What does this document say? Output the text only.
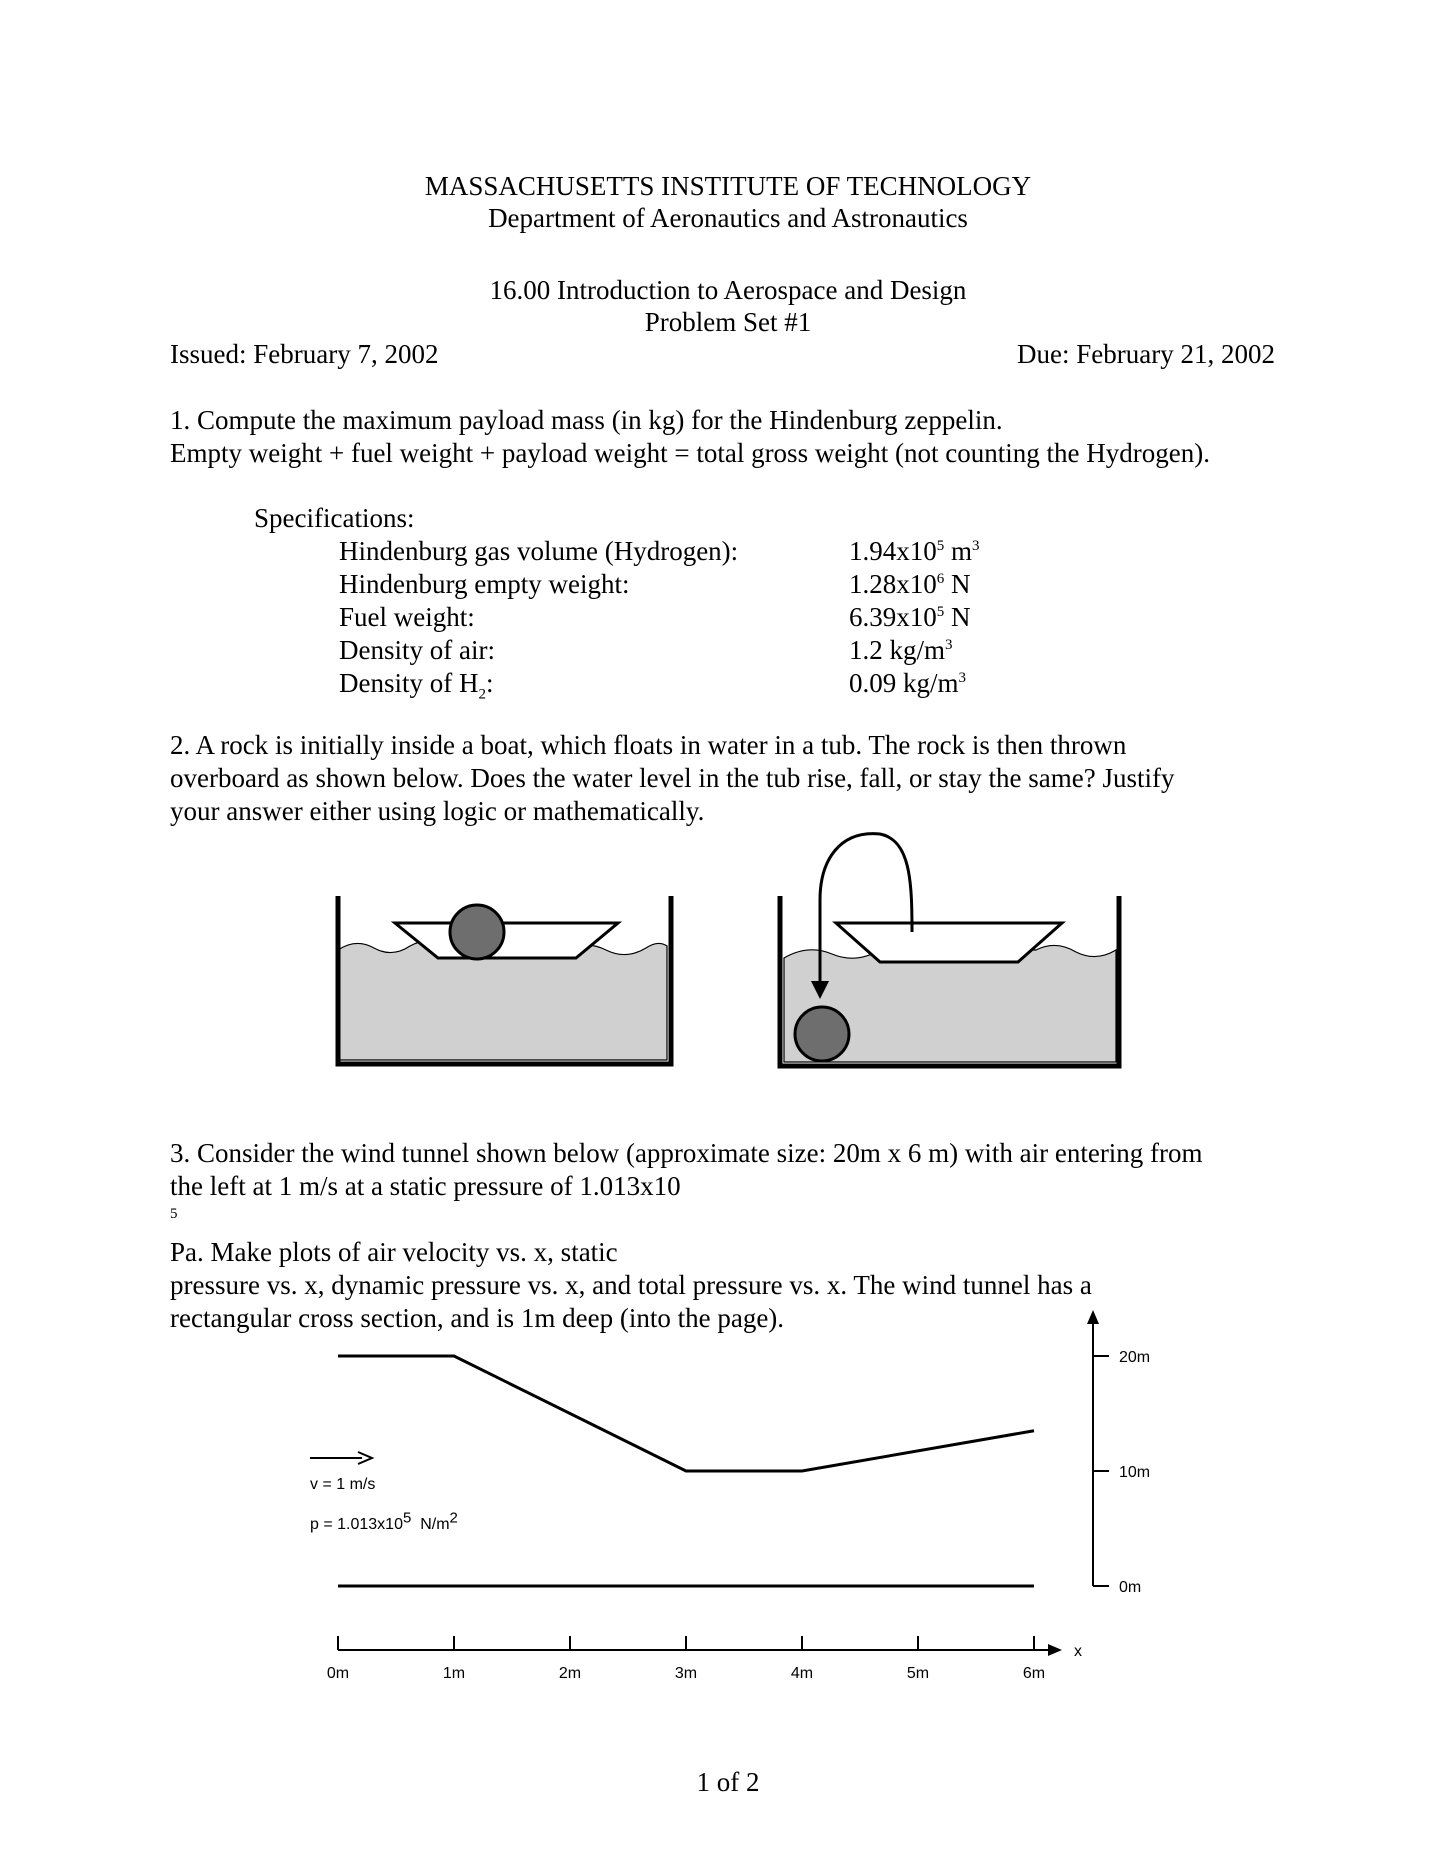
MASSACHUSETTS INSTITUTE OF TECHNOLOGY
Department of Aeronautics and Astronautics
16.00 Introduction to Aerospace and Design
Problem Set #1
Issued: February 7, 2002	Due: February 21, 2002
1. Compute the maximum payload mass (in kg) for the Hindenburg zeppelin.
Empty weight + fuel weight + payload weight = total gross weight (not counting the Hydrogen).
Specifications:
Hindenburg gas volume (Hydrogen):	$1.94x10^5$ $m^3$
Hindenburg empty weight:	$1.28x10^6$ N
Fuel weight:	$6.39x10^5$ N
Density of air:	1.2 $kg/m^3$
Density of $H_2$:	0.09 $kg/m^3$
2. A rock is initially inside a boat, which floats in water in a tub. The rock is then thrown
overboard as shown below. Does the water level in the tub rise, fall, or stay the same? Justify
your answer either using logic or mathematically.
3. Consider the wind tunnel shown below (approximate size: 20m x 6 m) with air entering from
the left at 1 m/s at a static pressure of 1.013x10
$^5$
Pa. Make plots of air velocity vs. x, static
pressure vs. x, dynamic pressure vs. x, and total pressure vs. x. The wind tunnel has a
rectangular cross section, and is 1m deep (into the page).
0m	1m	2m	3m	4m	5m	6m
x
20m
10m
0m
v = 1 m/s
$p = 1.013x10^5$  $N/m^2$
1 of 2
